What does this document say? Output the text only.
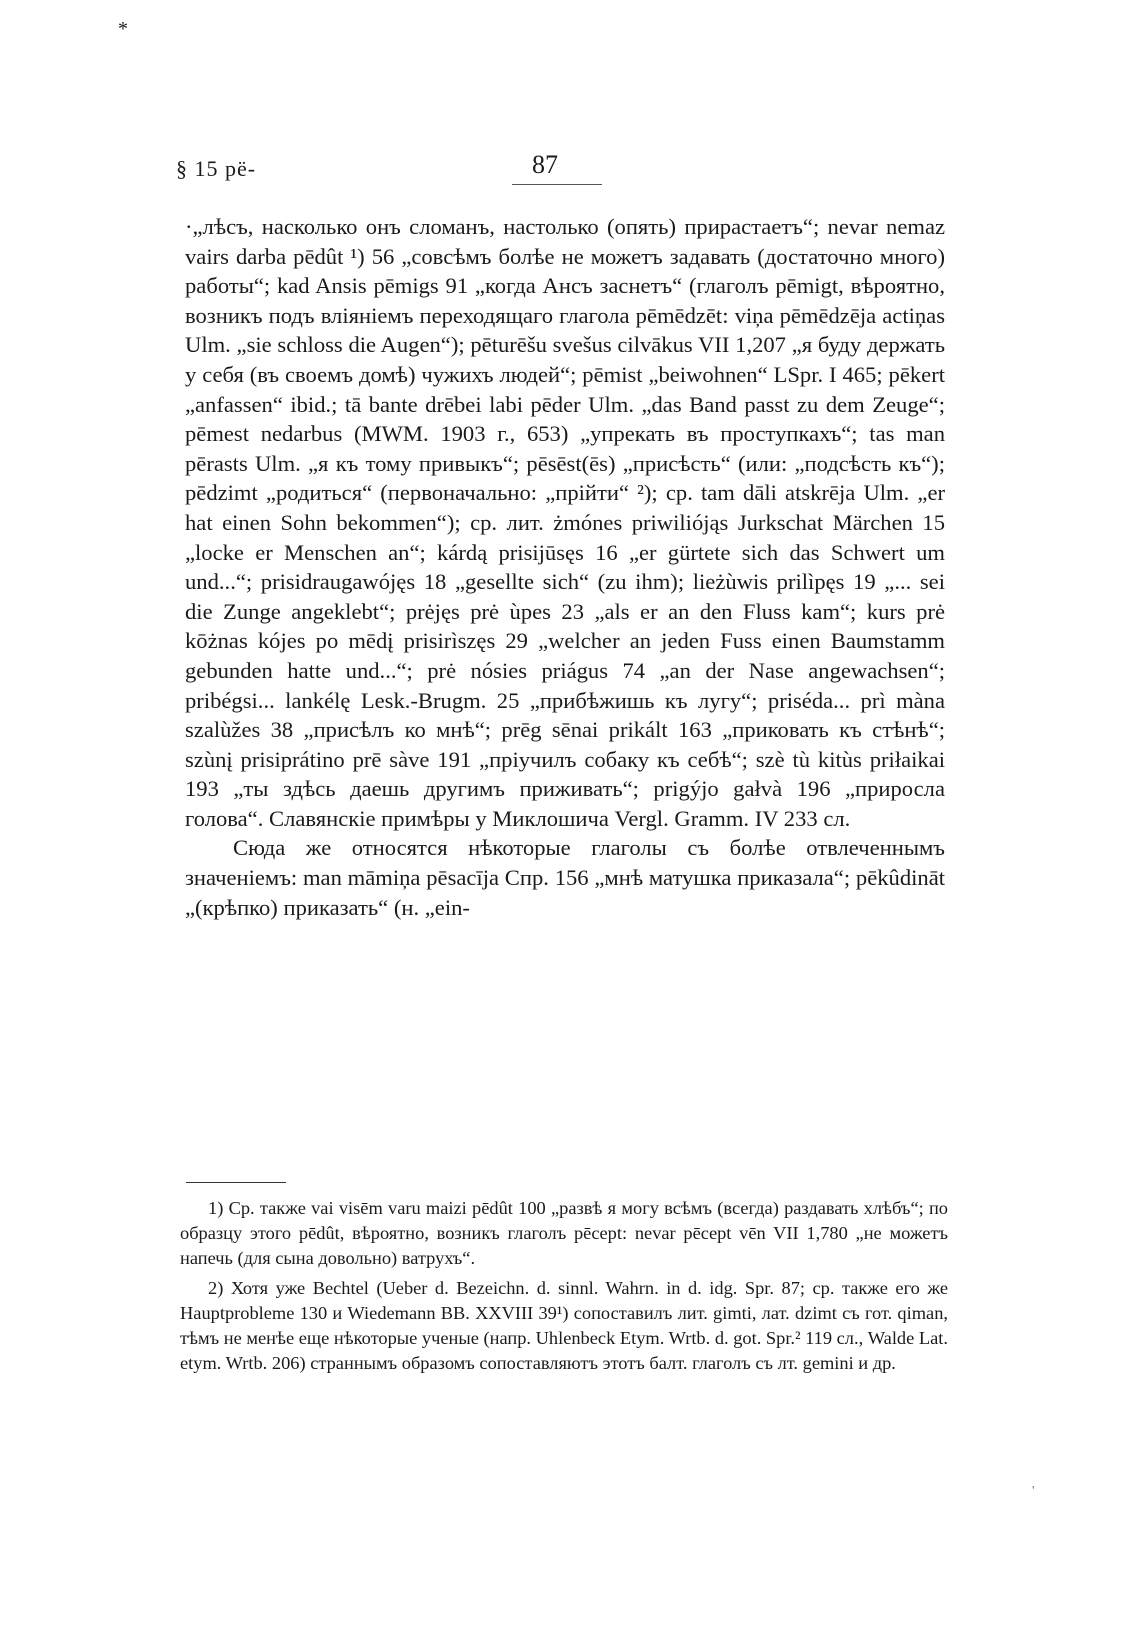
*
§ 15 pë-	87

·„лѣсъ, насколько онъ сломанъ, настолько (опять) прирастаетъ“; nevar nemaz vairs darba pēdût ¹) 56 „совсѣмъ болѣе не можетъ задавать (достаточно много) работы“; kad Ansis pēmigs 91 „когда Ансъ заснетъ“ (глаголъ pēmigt, вѣроятно, возникъ подъ вліяніемъ переходящаго глагола pēmēdzēt: viņa pēmēdzēja actiņas Ulm. „sie schloss die Augen“); pēturēšu svešus cilvākus VII 1,207 „я буду держать у себя (въ своемъ домѣ) чужихъ людей“; pēmist „beiwohnen“ LSpr. I 465; pēkert „anfassen“ ibid.; tā bante drēbei labi pēder Ulm. „das Band passt zu dem Zeuge“; pēmest nedarbus (MWM. 1903 г., 653) „упрекать въ проступкахъ“; tas man pērasts Ulm. „я къ тому привыкъ“; pēsēst(ēs) „присѣсть“ (или: „подсѣсть къ“); pēdzimt „родиться“ (первоначально: „прійти“ ²); ср. tam dāli atskrēja Ulm. „er hat einen Sohn bekommen“); ср. лит. żmónes priwiliójąs Jurkschat Märchen 15 „locke er Menschen an“; kárdą prisijūsęs 16 „er gürtete sich das Schwert um und...“; prisidraugawójęs 18 „gesellte sich“ (zu ihm); lieżùwis prilìpęs 19 „... sei die Zunge angeklebt“; prėjęs prė ùpes 23 „als er an den Fluss kam“; kurs prė kōżnas kójes po mēdį prisirìszęs 29 „welcher an jeden Fuss einen Baumstamm gebunden hatte und...“; prė nósies priágus 74 „an der Nase angewachsen“; pribégsi... lankélę Lesk.-Brugm. 25 „прибѣжишь къ лугу“; priséda... prì màna szalùžes 38 „присѣлъ ко мнѣ“; prēg sēnai prikált 163 „приковать къ стѣнѣ“; szùnį prisiprátino prē sàve 191 „пріучилъ собаку къ себѣ“; szè tù kitùs priłaikai 193 „ты здѣсь даешь другимъ приживать“; prigýjo gałvà 196 „приросла голова“. Славянскіе примѣры у Миклошича Vergl. Gramm. IV 233 сл.

Сюда же относятся нѣкоторые глаголы съ болѣе отвлеченнымъ значеніемъ: man māmiņa pēsacīja Спр. 156 „мнѣ матушка приказала“; pēkûdināt „(крѣпко) приказать“ (н. „ein-

1) Ср. также vai visēm varu maizi pēdût 100 „развѣ я могу всѣмъ (всегда) раздавать хлѣбъ“; по образцу этого pēdût, вѣроятно, возникъ глаголъ pēcept: nevar pēcept vēn VII 1,780 „не можетъ напечь (для сына довольно) ватрухъ“.

2) Хотя уже Bechtel (Ueber d. Bezeichn. d. sinnl. Wahrn. in d. idg. Spr. 87; ср. также его же Hauptprobleme 130 и Wiedemann BB. XXVIII 39¹) сопоставилъ лит. gimti, лат. dzimt съ гот. qiman, тѣмъ не менѣе еще нѣкоторые ученые (напр. Uhlenbeck Etym. Wrtb. d. got. Spr.² 119 сл., Walde Lat. etym. Wrtb. 206) страннымъ образомъ сопоставляютъ этотъ балт. глаголъ съ лт. gemini и др.

'
